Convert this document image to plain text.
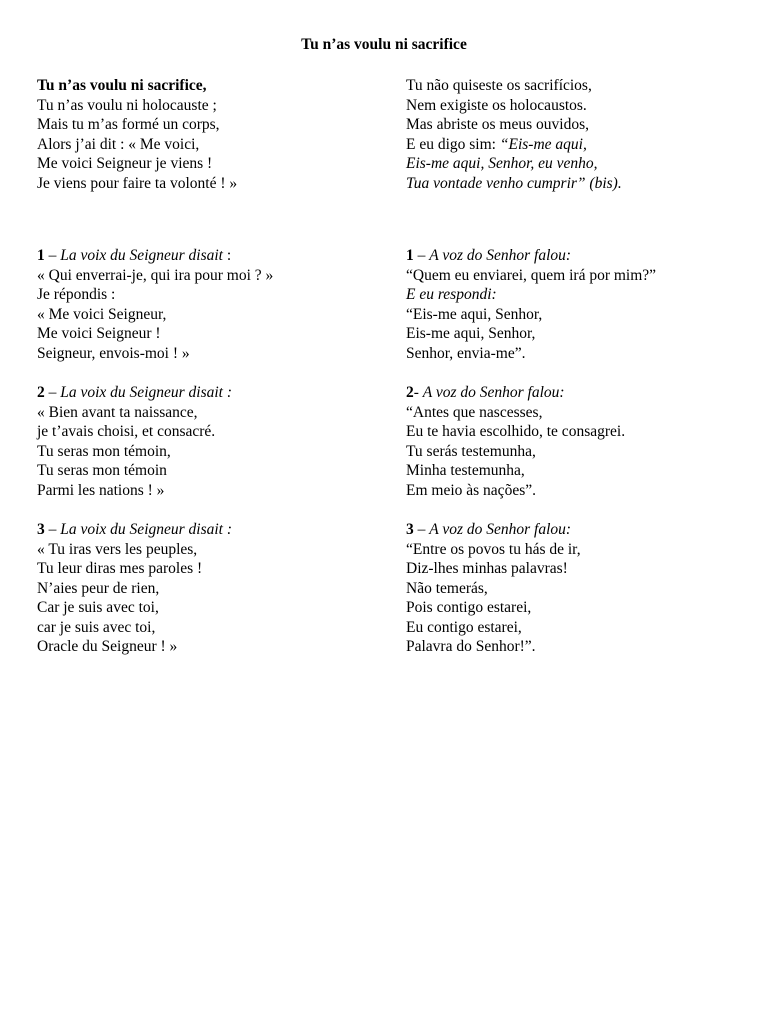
Tu n’as voulu ni sacrifice
Tu n’as voulu ni sacrifice,
Tu n’as voulu ni holocauste ;
Mais tu m’as formé un corps,
Alors j’ai dit : « Me voici,
Me voici Seigneur je viens !
Je viens pour faire ta volonté ! »
1 – La voix du Seigneur disait :
« Qui enverrai-je, qui ira pour moi ? »
Je répondis :
« Me voici Seigneur,
Me voici Seigneur !
Seigneur, envois-moi ! »
2 – La voix du Seigneur disait :
« Bien avant ta naissance,
je t’avais choisi, et consacré.
Tu seras mon témoin,
Tu seras mon témoin
Parmi les nations ! »
3 – La voix du Seigneur disait :
« Tu iras vers les peuples,
Tu leur diras mes paroles !
N’aies peur de rien,
Car je suis avec toi,
car je suis avec toi,
Oracle du Seigneur ! »
Tu não quiseste os sacrifícios,
Nem exigiste os holocaustos.
Mas abriste os meus ouvidos,
E eu digo sim: “Eis-me aqui,
Eis-me aqui, Senhor, eu venho,
Tua vontade venho cumprir” (bis).
1 – A voz do Senhor falou:
“Quem eu enviarei, quem irá por mim?”
E eu respondi:
“Eis-me aqui, Senhor,
Eis-me aqui, Senhor,
Senhor, envia-me”.
2- A voz do Senhor falou:
“Antes que nascesses,
Eu te havia escolhido, te consagrei.
Tu serás testemunha,
Minha testemunha,
Em meio às nações”.
3 – A voz do Senhor falou:
“Entre os povos tu hás de ir,
Diz-lhes minhas palavras!
Não temerás,
Pois contigo estarei,
Eu contigo estarei,
Palavra do Senhor!”.
